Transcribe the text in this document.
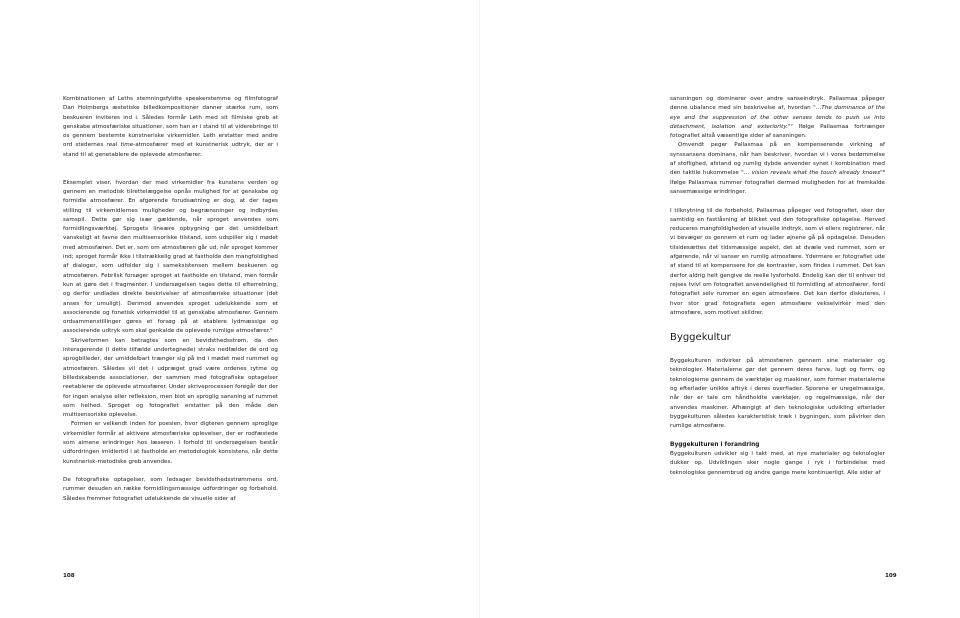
Kombinationen af Leths stemningsfyldte speakerstemme og filmfotograf Dan Holmbergs æstetiske billedkompositioner danner stærke rum, som beskueren inviteres ind i. Således formår Leth med sit filmiske greb at genskabe atmosfæriske situationer, som han er i stand til at viderebringe til os gennem bestemte kunstneriske virkemidler. Leth erstatter med andre ord stedernes real time-atmosfærer med et kunstnerisk udtryk, der er i stand til at genetablere de oplevede atmosfærer.

Eksemplet viser, hvordan der med virkemidler fra kunstens verden og gennem en metodisk tilrettelæggelse opnås mulighed for at genskabe og formidle atmosfærer. En afgørende forudsætning er dog, at der tages stilling til virkemidlernes muligheder og begrænsninger og indbyrdes samspil. Dette gør sig især gældende, når sproget anvendes som formidlingsværktøj. Sprogets lineære opbygning gør det umiddelbart vanskeligt at favne den multisensoriske tilstand, som udspiller sig i mødet med atmosfæren. Det er, som om atmosfæren går ud, når sproget kommer ind; sproget formår ikke i tilstrækkelig grad at fastholde den mangfoldighed af dialoger, som udfolder sig i sameksistensen mellem beskueren og atmosfæren. Febrilsk forsøger sproget at fastholde en tilstand, men formår kun at gøre det i fragmenter. I undersøgelsen tages dette til efterretning, og derfor undlades direkte beskrivelser af atmosfæriske situationer (det anses for umuligt). Derimod anvendes sproget udelukkende som et associerende og fonetisk virkemiddel til at genskabe atmosfærer. Gennem ordsammenstillinger gøres et forsøg på at etablere lydmæssige og associerende udtryk som skal genkalde de oplevede rumlige atmosfærer.⁶

Skriveformen kan betragtes som en bevidsthedsstrøm, da den interagerende (i dette tilfælde undertegnede) straks nedfælder de ord og sprogbilleder, der umiddelbart trænger sig på ind i mødet med rummet og atmosfæren. Således vil det i udpræget grad være ordenes rytme og billedskabende associationer, der sammen med fotografiske optagelser reetablerer de oplevede atmosfærer. Under skriveprocessen foregår der der for ingen analyse eller refleksion, men blot en sproglig sansning af rummet som helhed. Sproget og fotografiet erstatter på den måde den multisensoriske oplevelse.

Formen er velkendt inden for poesien, hvor digteren gennem sproglige virkemidler formår at aktivere atmosfæriske oplevelser, der er rodfæstede som almene erindringer hos læseren. I forhold til undersøgelsen består udfordringen imidlertid i at fastholde en metodologisk konsistens, når dette kunstnerisk-metodiske greb anvendes.

De fotografiske optagelser, som ledsager bevidsthedsstrømmens ord, rummer desuden en række formidlingsmæssige udfordringer og forbehold. Således fremmer fotografiet udelukkende de visuelle sider af

108

sansningen og dominerer over andre sanseindtryk. Pallasmaa påpeger denne ubalance med sin beskrivelse af, hvordan "…The dominance of the eye and the suppression of the other senses tends to push us into detachment, isolation and exteriority."⁷ Ifølge Pallasmaa fortrænger fotografiet altså væsentlige sider af sansningen.

Omvendt peger Pallasmaa på en kompenserende virkning af synssansens dominans, når han beskriver, hvordan vi i vores bedømmelse af stoflighed, afstand og rumlig dybde anvender synet i kombination med den taktile hukommelse "… vision reveals what the touch already knows"⁸ Ifølge Pallasmaa rummer fotografiet dermed muligheden for at fremkalde sansemæssige erindringer.

I tilknytning til de forbehold, Pallasmaa påpeger ved fotografiet, sker der samtidig en fastlåsning af blikket ved den fotografiske optagelse. Herved reduceres mangfoldigheden af visuelle indtryk, som vi ellers registrerer, når vi bevæger os gennem et rum og lader øjnene gå på opdagelse. Desuden tilsidesættes det tidsmæssige aspekt, det at dvæle ved rummet, som er afgørende, når vi sanser en rumlig atmosfære. Ydermere er fotografiet ude af stand til at kompensere for de kontraster, som findes i rummet. Det kan derfor aldrig helt gengive de reelle lysforhold. Endelig kan der til enhver tid rejses tvivl om fotografiet anvendelighed til formidling af atmosfærer, fordi fotografiet selv rummer en egen atmosfære. Det kan derfor diskuteres, i hvor stor grad fotografiets egen atmosfære vekselvirker med den atmosfære, som motivet skildrer.

Byggekultur

Byggekulturen indvirker på atmosfæren gennem sine materialer og teknologier. Materialerne gør det gennem deres farve, lugt og form, og teknologierne gennem de værktøjer og maskiner, som former materialerne og efterlader unikke aftryk i deres overflader. Sporene er uregelmæssige, når der er tale om håndholdte værktøjer, og regelmæssige, når der anvendes maskiner. Afhængigt af den teknologiske udvikling efterlader byggekulturen således karakteristisk træk i bygningen, som påvirker den rumlige atmosfære.

Byggekulturen i forandring

Byggekulturen udvikler sig i takt med, at nye materialer og teknologier dukker op. Udviklingen sker nogle gange i ryk i forbindelse med teknologiske gennembrud og andre gange mere kontinuerligt. Alle sider af

109
